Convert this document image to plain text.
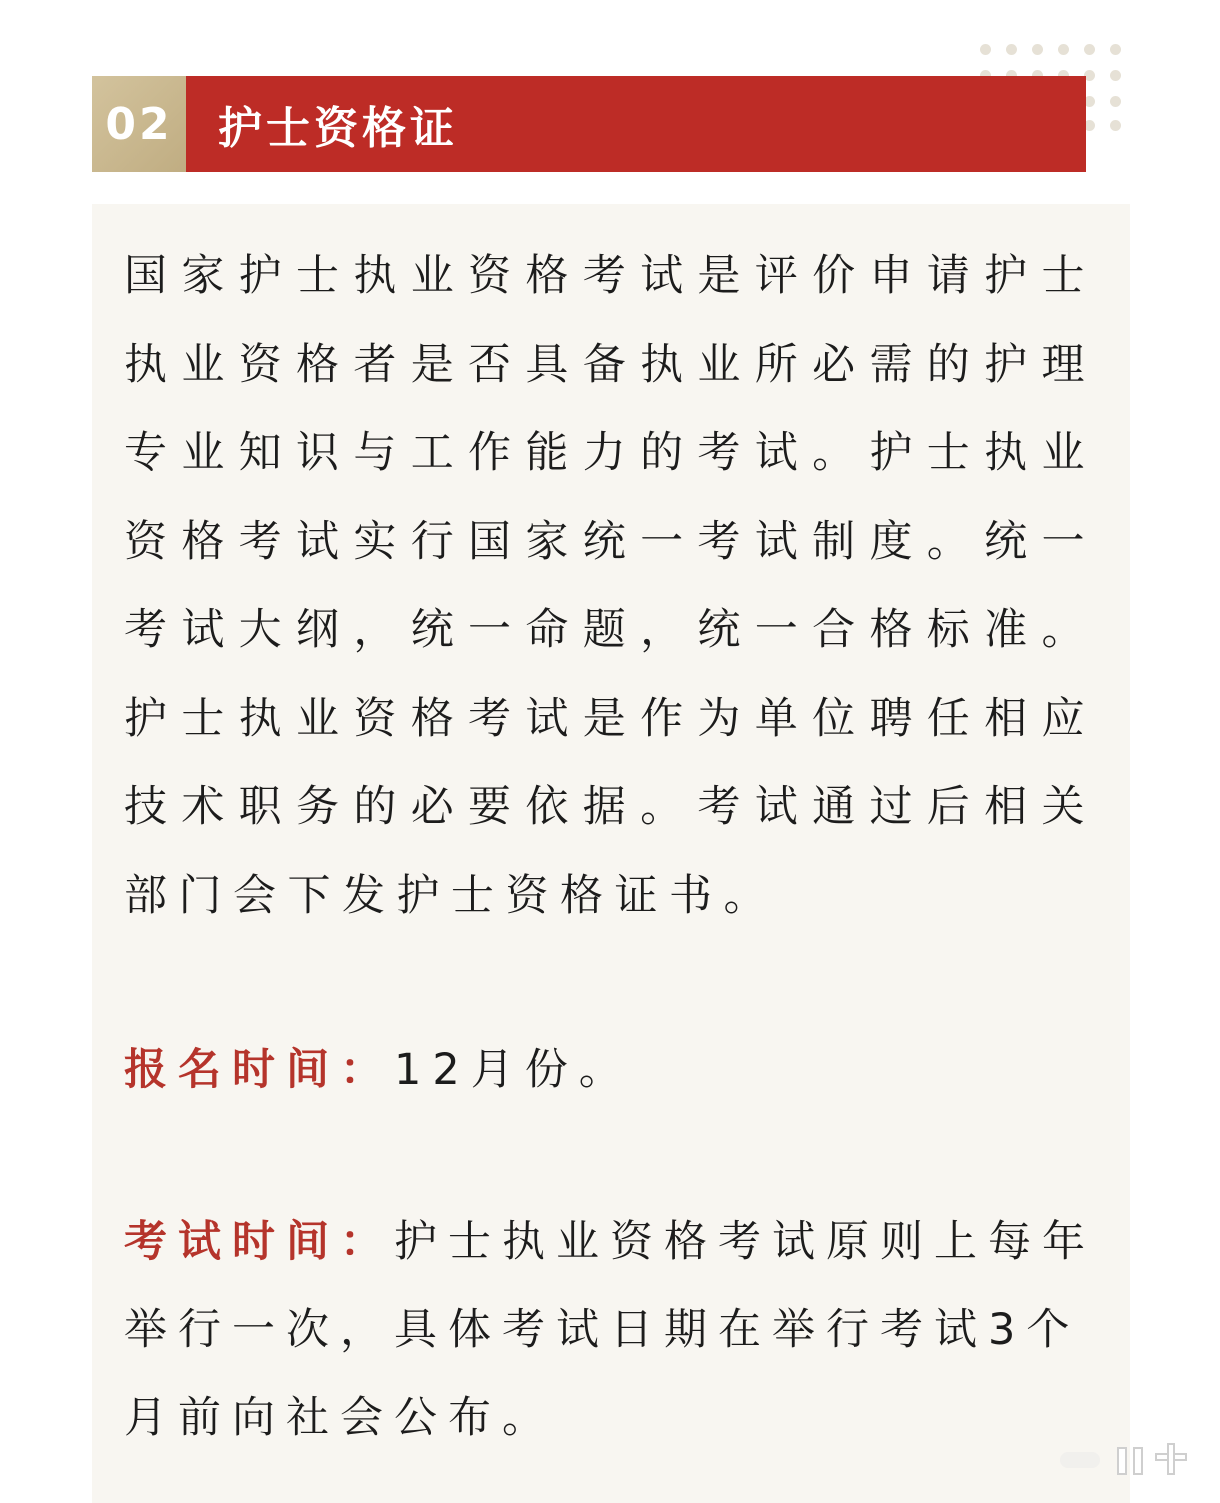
02	护士资格证
国家护士执业资格考试是评价申请护士执业资格者是否具备执业所必需的护理专业知识与工作能力的考试。护士执业资格考试实行国家统一考试制度。统一考试大纲，统一命题，统一合格标准。护士执业资格考试是作为单位聘任相应技术职务的必要依据。考试通过后相关部门会下发护士资格证书。
报名时间：12月份。
考试时间：护士执业资格考试原则上每年举行一次，具体考试日期在举行考试3个月前向社会公布。
